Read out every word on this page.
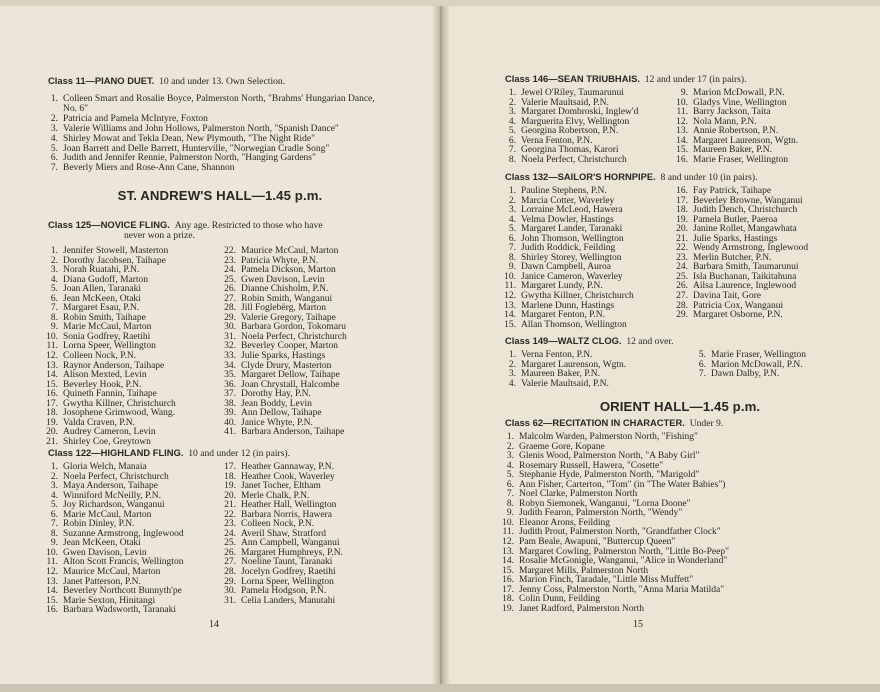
Class 11—PIANO DUET. 10 and under 13. Own Selection.
1. Colleen Smart and Rosalie Boyce, Palmerston North, "Brahms' Hungarian Dance, No. 6"
2. Patricia and Pamela McIntyre, Foxton
3. Valerie Williams and John Hollows, Palmerston North, "Spanish Dance"
4. Shirley Mowat and Tekla Dean, New Plymouth, "The Night Ride"
5. Joan Barrett and Delle Barrett, Hunterville, "Norwegian Cradle Song"
6. Judith and Jennifer Rennie, Palmerston North, "Hanging Gardens"
7. Beverly Miers and Rose-Ann Cane, Shannon
ST. ANDREW'S HALL—1.45 p.m.
Class 125—NOVICE FLING. Any age. Restricted to those who have
never won a prize.
1. Jennifer Stowell, Masterton
2. Dorothy Jacobsen, Taihape
3. Norah Ruatahi, P.N.
4. Diana Gudoff, Marton
5. Joan Allen, Taranaki
6. Jean McKeen, Otaki
7. Margaret Esau, P.N.
8. Robin Smith, Taihape
9. Marie McCaul, Marton
10. Sonia Godfrey, Raetihi
11. Lorna Speer, Wellington
12. Colleen Nock, P.N.
13. Raynor Anderson, Taihape
14. Alison Mexted, Levin
15. Beverley Hook, P.N.
16. Quineth Fannin, Taihape
17. Gwytha Killner, Christchurch
18. Josophene Grimwood, Wang.
19. Valda Craven, P.N.
20. Audrey Cameron, Levin
21. Shirley Coe, Greytown
22. Maurice McCaul, Marton
23. Patricia Whyte, P.N.
24. Pamela Dickson, Marton
25. Gwen Davison, Levin
26. Dianne Chisholm, P.N.
27. Robin Smith, Wanganui
28. Jill Foglebërg, Marton
29. Valerie Gregory, Taihape
30. Barbara Gordon, Tokomaru
31. Noela Perfect, Christchurch
32. Beverley Cooper, Marton
33. Julie Sparks, Hastings
34. Clyde Drury, Masterton
35. Margaret Dellow, Taihape
36. Joan Chrystall, Halcombe
37. Dorothy Hay, P.N.
38. Jean Boddy, Levin
39. Ann Dellow, Taihape
40. Janice Whyte, P.N.
41. Barbara Anderson, Taihape
Class 122—HIGHLAND FLING. 10 and under 12 (in pairs).
1. Gloria Welch, Manaia
2. Noela Perfect, Christchurch
3. Maya Anderson, Taihape
4. Winniford McNeilly, P.N.
5. Joy Richardson, Wanganui
6. Marie McCaul, Marton
7. Robin Dinley, P.N.
8. Suzanne Armstrong, Inglewood
9. Jean McKeen, Otaki
10. Gwen Davison, Levin
11. Alton Scott Francis, Wellington
12. Maurice McCaul, Marton
13. Janet Patterson, P.N.
14. Beverley Northcott Bunnyth'pe
15. Marie Sexton, Hinitangi
16. Barbara Wadsworth, Taranaki
17. Heather Gannaway, P.N.
18. Heather Cook, Waverley
19. Janet Tocher, Eltham
20. Merle Chalk, P.N.
21. Heather Hall, Wellington
22. Barbara Norris, Hawera
23. Colleen Nock, P.N.
24. Averil Shaw, Stratford
25. Ann Campbell, Wanganui
26. Margaret Humphreys, P.N.
27. Noeline Taunt, Taranaki
28. Jocelyn Godfrey, Raetihi
29. Lorna Speer, Wellington
30. Pamela Hodgson, P.N.
31. Celia Landers, Manutahi
14
Class 146—SEAN TRIUBHAIS. 12 and under 17 (in pairs).
1. Jewel O'Riley, Taumarunui
2. Valerie Maultsaid, P.N.
3. Margaret Dombroski, Inglew'd
4. Marguerita Elvy, Wellington
5. Georgina Robertson, P.N.
6. Verna Fenton, P.N.
7. Georgina Thomas, Karori
8. Noela Perfect, Christchurch
9. Marion McDowall, P.N.
10. Gladys Vine, Wellington
11. Barry Jackson, Taita
12. Nola Mann, P.N.
13. Annie Robertson, P.N.
14. Margaret Laurenson, Wgtn.
15. Maureen Baker, P.N.
16. Marie Fraser, Wellington
Class 132—SAILOR'S HORNPIPE. 8 and under 10 (in pairs).
1. Pauline Stephens, P.N.
2. Marcia Cotter, Waverley
3. Lorraine McLeod, Hawera
4. Velma Dowler, Hastings
5. Margaret Lander, Taranaki
6. John Thomson, Wellington
7. Judith Roddick, Feilding
8. Shirley Storey, Wellington
9. Dawn Campbell, Auroa
10. Janice Cameron, Waverley
11. Margaret Lundy, P.N.
12. Gwytha Killner, Christchurch
13. Marlene Dunn, Hastings
14. Margaret Fenton, P.N.
15. Allan Thomson, Wellington
16. Fay Patrick, Taihape
17. Beverley Browne, Wanganui
18. Judith Dench, Christchurch
19. Pamela Butler, Paeroa
20. Janine Rollet, Mangawhata
21. Julie Sparks, Hastings
22. Wendy Armstrong, Inglewood
23. Merlin Butcher, P.N.
24. Barbara Smith, Taumarunui
25. Isla Buchanan, Taikitahuna
26. Ailsa Laurence, Inglewood
27. Davina Tait, Gore
28. Patricia Cox, Wanganui
29. Margaret Osborne, P.N.
Class 149—WALTZ CLOG. 12 and over.
1. Verna Fenton, P.N.
2. Margaret Laurenson, Wgtn.
3. Maureen Baker, P.N.
4. Valerie Maultsaid, P.N.
5. Marie Fraser, Wellington
6. Marion McDowall, P.N.
7. Dawn Dalby, P.N.
ORIENT HALL—1.45 p.m.
Class 62—RECITATION IN CHARACTER. Under 9.
1. Malcolm Warden, Palmerston North, "Fishing"
2. Graeme Gore, Kopane
3. Glenis Wood, Palmerston North, "A Baby Girl"
4. Rosemary Russell, Hawera, "Cosette"
5. Stephanie Hyde, Palmerston North, "Marigold"
6. Ann Fisher, Carterton, "Tom" (in "The Water Babies")
7. Noel Clarke, Palmerston North
8. Robyn Siemonek, Wanganui, "Lorna Doone"
9. Judith Fearon, Palmerston North, "Wendy"
10. Eleanor Arons, Feilding
11. Judith Prout, Palmerston North, "Grandfather Clock"
12. Pam Beale, Awapuni, "Buttercup Queen"
13. Margaret Cowling, Palmerston North, "Little Bo-Peep"
14. Rosalie McGonigle, Wanganui, "Alice in Wonderland"
15. Margaret Mills, Palmerston North
16. Marion Finch, Taradale, "Little Miss Muffett"
17. Jenny Coss, Palmerston North, "Anna Maria Matilda"
18. Colin Dunn, Feilding
19. Janet Radford, Palmerston North
15
